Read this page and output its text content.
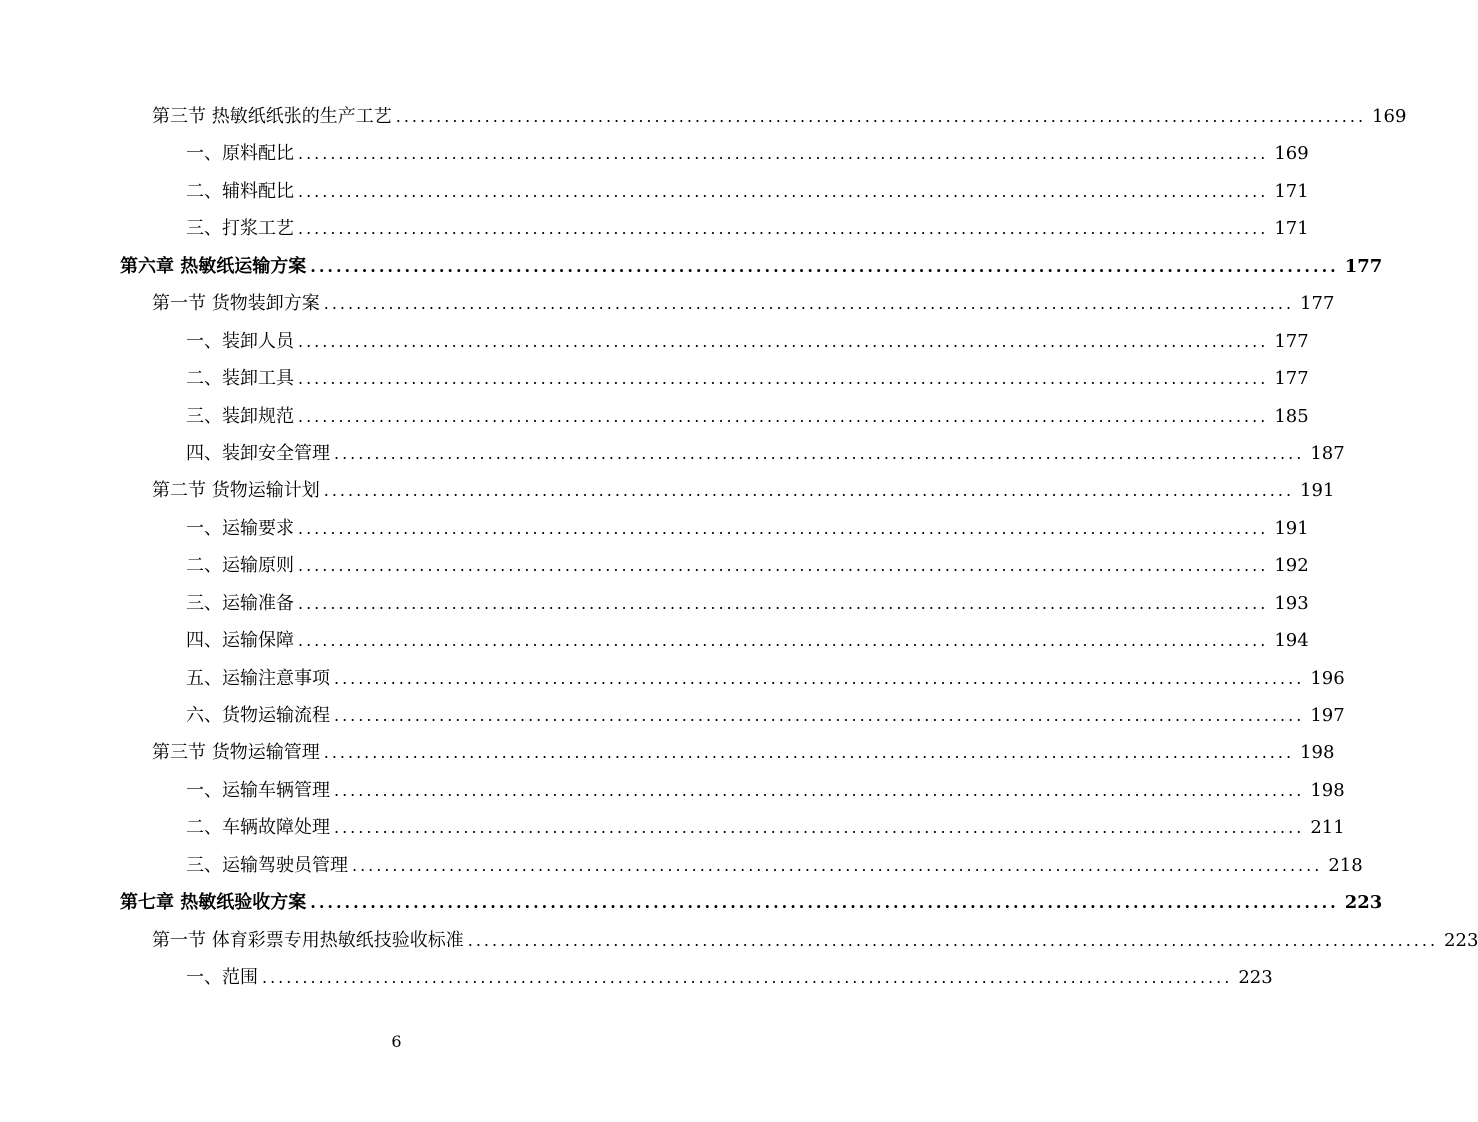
第三节 热敏纸纸张的生产工艺 ........................................................................................................................ 169
一、原料配比 ........................................................................................................................ 169
二、辅料配比 ........................................................................................................................ 171
三、打浆工艺 ........................................................................................................................ 171
第六章 热敏纸运输方案 ........................................................................................................................ 177
第一节 货物装卸方案 ........................................................................................................................ 177
一、装卸人员 ........................................................................................................................ 177
二、装卸工具 ........................................................................................................................ 177
三、装卸规范 ........................................................................................................................ 185
四、装卸安全管理 ........................................................................................................................ 187
第二节 货物运输计划 ........................................................................................................................ 191
一、运输要求 ........................................................................................................................ 191
二、运输原则 ........................................................................................................................ 192
三、运输准备 ........................................................................................................................ 193
四、运输保障 ........................................................................................................................ 194
五、运输注意事项 ........................................................................................................................ 196
六、货物运输流程 ........................................................................................................................ 197
第三节 货物运输管理 ........................................................................................................................ 198
一、运输车辆管理 ........................................................................................................................ 198
二、车辆故障处理 ........................................................................................................................ 211
三、运输驾驶员管理 ........................................................................................................................ 218
第七章 热敏纸验收方案 ........................................................................................................................ 223
第一节 体育彩票专用热敏纸技验收标准 ........................................................................................................................ 223
一、范围 ........................................................................................................................ 223
6
